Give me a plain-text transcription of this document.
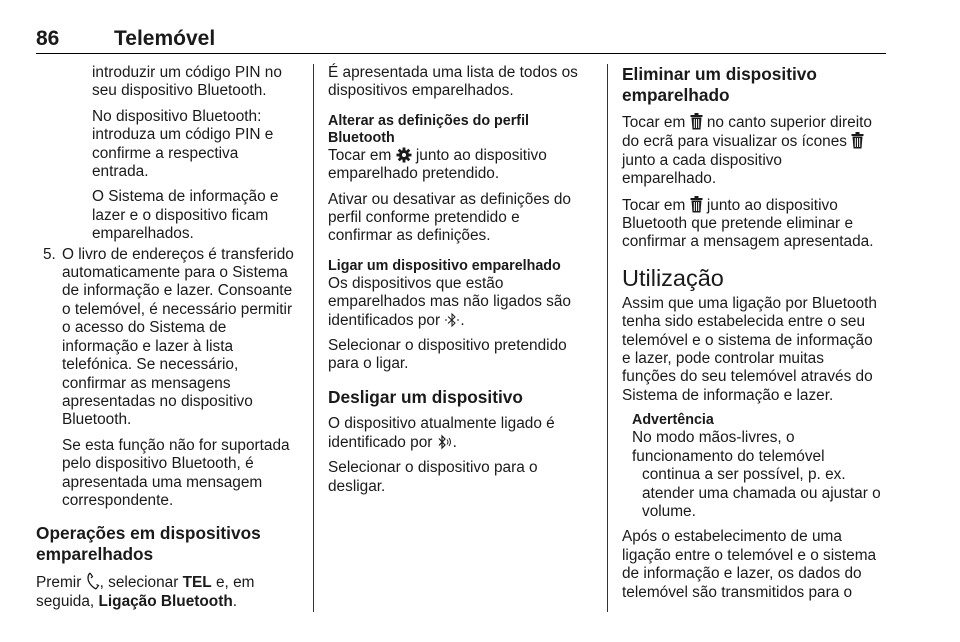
86	Telemóvel
introduzir um código PIN no
seu dispositivo Bluetooth.
No dispositivo Bluetooth:
introduza um código PIN e
confirme a respectiva
entrada.
O Sistema de informação e
lazer e o dispositivo ficam
emparelhados.
5. O livro de endereços é transferido
automaticamente para o Sistema
de informação e lazer. Consoante
o telemóvel, é necessário permitir
o acesso do Sistema de
informação e lazer à lista
telefónica. Se necessário,
confirmar as mensagens
apresentadas no dispositivo
Bluetooth.
Se esta função não for suportada
pelo dispositivo Bluetooth, é
apresentada uma mensagem
correspondente.
Operações em dispositivos
emparelhados
Premir , selecionar TEL e, em
seguida, Ligação Bluetooth.
É apresentada uma lista de todos os
dispositivos emparelhados.
Alterar as definições do perfil
Bluetooth
Tocar em junto ao dispositivo
emparelhado pretendido.
Ativar ou desativar as definições do
perfil conforme pretendido e
confirmar as definições.
Ligar um dispositivo emparelhado
Os dispositivos que estão
emparelhados mas não ligados são
identificados por .
Selecionar o dispositivo pretendido
para o ligar.
Desligar um dispositivo
O dispositivo atualmente ligado é
identificado por .
Selecionar o dispositivo para o
desligar.
Eliminar um dispositivo
emparelhado
Tocar em no canto superior direito
do ecrã para visualizar os ícones
junto a cada dispositivo
emparelhado.
Tocar em junto ao dispositivo
Bluetooth que pretende eliminar e
confirmar a mensagem apresentada.
Utilização
Assim que uma ligação por Bluetooth
tenha sido estabelecida entre o seu
telemóvel e o sistema de informação
e lazer, pode controlar muitas
funções do seu telemóvel através do
Sistema de informação e lazer.
Advertência
No modo mãos-livres, o
funcionamento do telemóvel
continua a ser possível, p. ex.
atender uma chamada ou ajustar o
volume.
Após o estabelecimento de uma
ligação entre o telemóvel e o sistema
de informação e lazer, os dados do
telemóvel são transmitidos para o
